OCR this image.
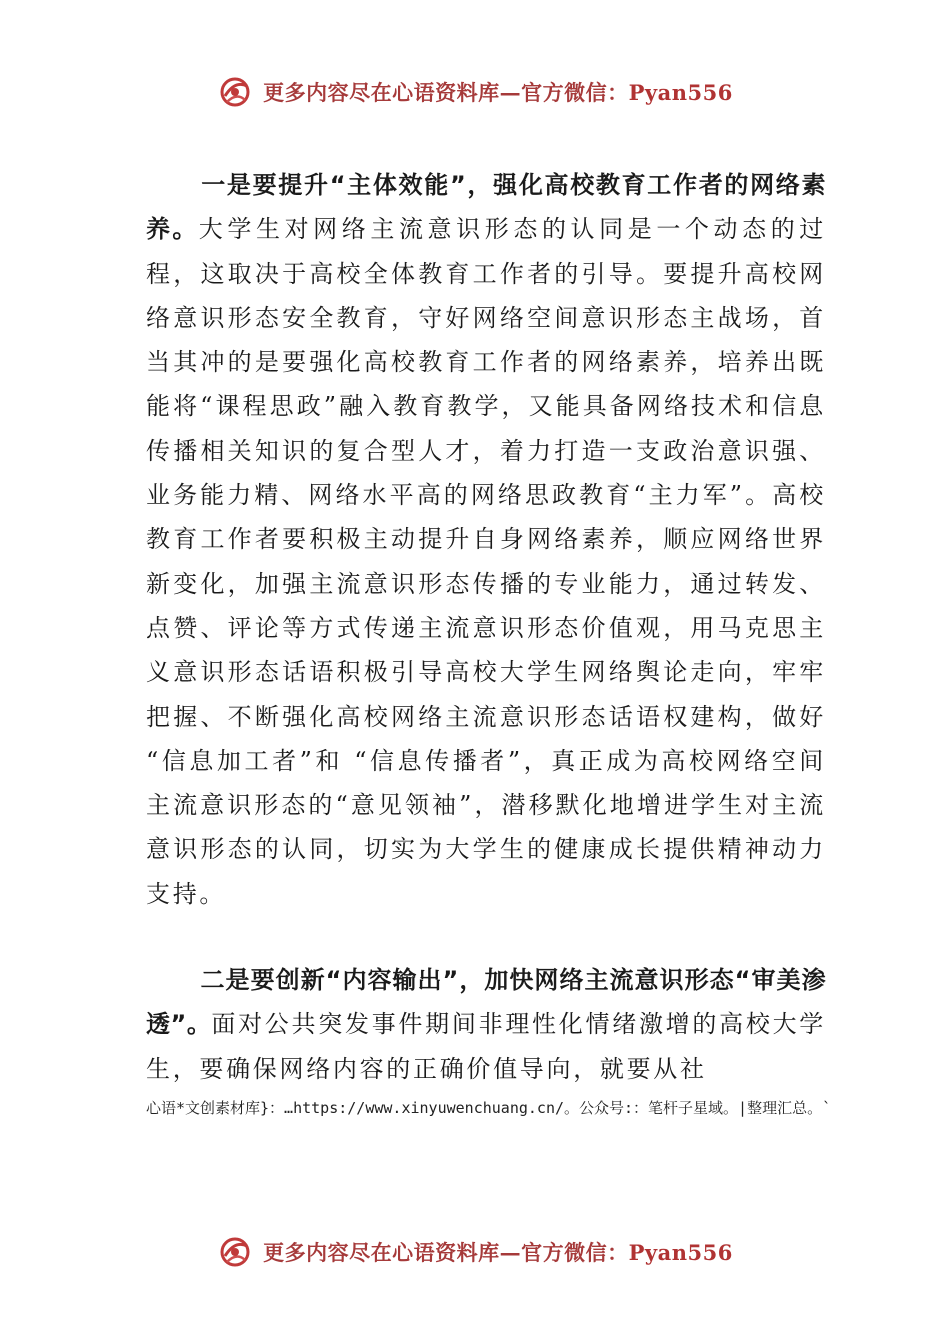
更多内容尽在心语资料库—官方微信：Pyan556

一是要提升“主体效能”，强化高校教育工作者的网络素养。大学生对网络主流意识形态的认同是一个动态的过程，这取决于高校全体教育工作者的引导。要提升高校网络意识形态安全教育，守好网络空间意识形态主战场，首当其冲的是要强化高校教育工作者的网络素养，培养出既能将“课程思政”融入教育教学，又能具备网络技术和信息传播相关知识的复合型人才，着力打造一支政治意识强、业务能力精、网络水平高的网络思政教育“主力军”。高校教育工作者要积极主动提升自身网络素养，顺应网络世界新变化，加强主流意识形态传播的专业能力，通过转发、点赞、评论等方式传递主流意识形态价值观，用马克思主义意识形态话语积极引导高校大学生网络舆论走向，牢牢把握、不断强化高校网络主流意识形态话语权建构，做好 “信息加工者”和 “信息传播者”，真正成为高校网络空间主流意识形态的“意见领袖”，潜移默化地增进学生对主流意识形态的认同，切实为大学生的健康成长提供精神动力支持。

二是要创新“内容输出”，加快网络主流意识形态“审美渗透”。面对公共突发事件期间非理性化情绪激增的高校大学生，要确保网络内容的正确价值导向，就要从社

心语*文创素材库}：…https://www.xinyuwenchuang.cn/。公众号:：笔杆子星域。|整理汇总。`

更多内容尽在心语资料库—官方微信：Pyan556
